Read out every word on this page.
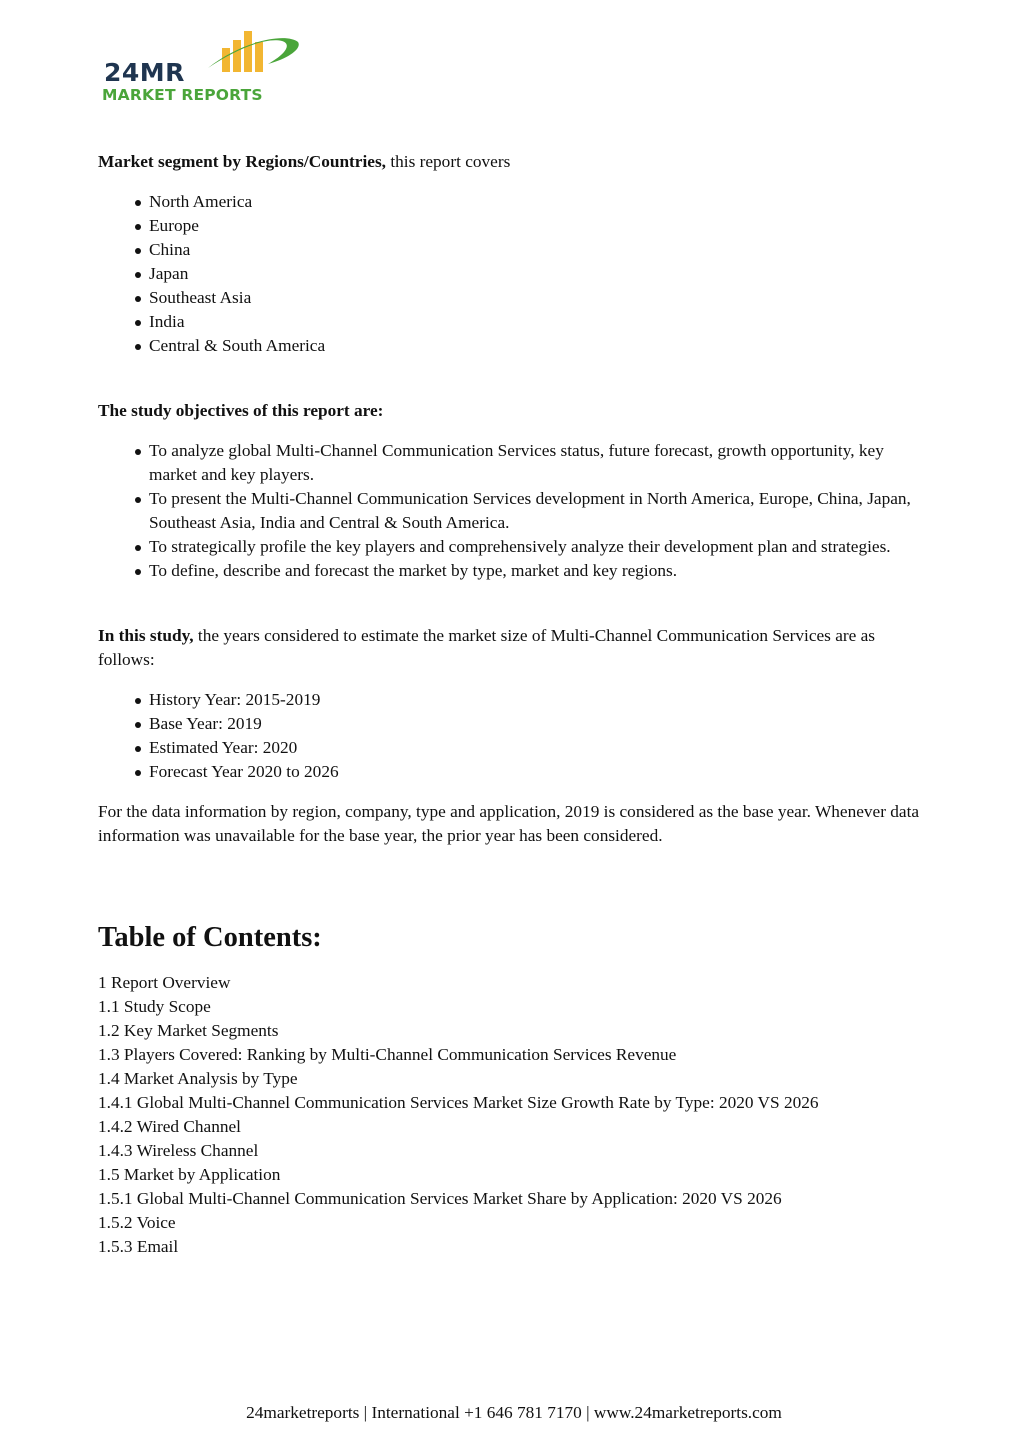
24MR
MARKET REPORTS

Market segment by Regions/Countries, this report covers

North America
Europe
China
Japan
Southeast Asia
India
Central & South America

The study objectives of this report are:

To analyze global Multi-Channel Communication Services status, future forecast, growth opportunity, key market and key players.
To present the Multi-Channel Communication Services development in North America, Europe, China, Japan, Southeast Asia, India and Central & South America.
To strategically profile the key players and comprehensively analyze their development plan and strategies.
To define, describe and forecast the market by type, market and key regions.

In this study, the years considered to estimate the market size of Multi-Channel Communication Services are as follows:

History Year: 2015-2019
Base Year: 2019
Estimated Year: 2020
Forecast Year 2020 to 2026

For the data information by region, company, type and application, 2019 is considered as the base year. Whenever data information was unavailable for the base year, the prior year has been considered.

Table of Contents:
1 Report Overview
1.1 Study Scope
1.2 Key Market Segments
1.3 Players Covered: Ranking by Multi-Channel Communication Services Revenue
1.4 Market Analysis by Type
1.4.1 Global Multi-Channel Communication Services Market Size Growth Rate by Type: 2020 VS 2026
1.4.2 Wired Channel
1.4.3 Wireless Channel
1.5 Market by Application
1.5.1 Global Multi-Channel Communication Services Market Share by Application: 2020 VS 2026
1.5.2 Voice
1.5.3 Email
24marketreports | International +1 646 781 7170 | www.24marketreports.com
